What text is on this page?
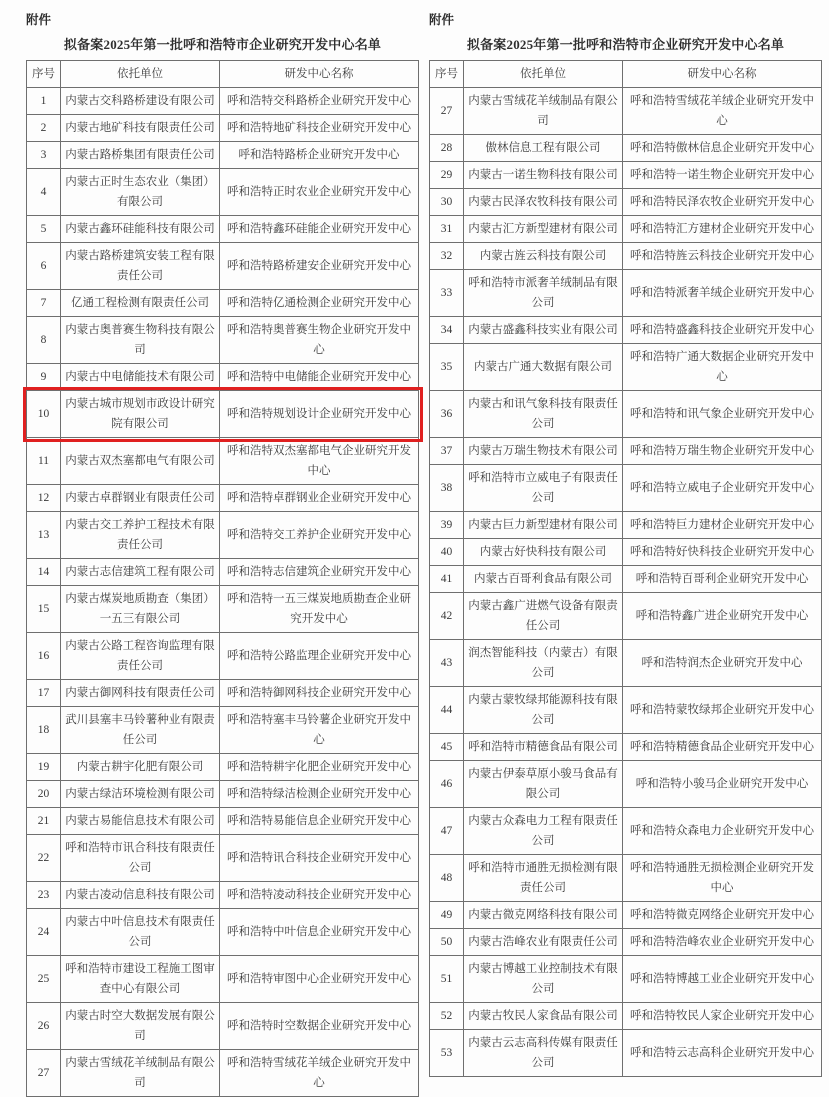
附件
拟备案2025年第一批呼和浩特市企业研究开发中心名单
序号	依托单位	研发中心名称
1	内蒙古交科路桥建设有限公司	呼和浩特交科路桥企业研究开发中心
2	内蒙古地矿科技有限责任公司	呼和浩特地矿科技企业研究开发中心
3	内蒙古路桥集团有限责任公司	呼和浩特路桥企业研究开发中心
4	内蒙古正时生态农业（集团）有限公司	呼和浩特正时农业企业研究开发中心
5	内蒙古鑫环硅能科技有限公司	呼和浩特鑫环硅能企业研究开发中心
6	内蒙古路桥建筑安装工程有限责任公司	呼和浩特路桥建安企业研究开发中心
7	亿通工程检测有限责任公司	呼和浩特亿通检测企业研究开发中心
8	内蒙古奥普赛生物科技有限公司	呼和浩特奥普赛生物企业研究开发中心
9	内蒙古中电储能技术有限公司	呼和浩特中电储能企业研究开发中心
10	内蒙古城市规划市政设计研究院有限公司	呼和浩特规划设计企业研究开发中心
11	内蒙古双杰塞都电气有限公司	呼和浩特双杰塞都电气企业研究开发中心
12	内蒙古卓群钢业有限责任公司	呼和浩特卓群钢业企业研究开发中心
13	内蒙古交工养护工程技术有限责任公司	呼和浩特交工养护企业研究开发中心
14	内蒙古志信建筑工程有限公司	呼和浩特志信建筑企业研究开发中心
15	内蒙古煤炭地质勘查（集团）一五三有限公司	呼和浩特一五三煤炭地质勘查企业研究开发中心
16	内蒙古公路工程咨询监理有限责任公司	呼和浩特公路监理企业研究开发中心
17	内蒙古御网科技有限责任公司	呼和浩特御网科技企业研究开发中心
18	武川县塞丰马铃薯种业有限责任公司	呼和浩特塞丰马铃薯企业研究开发中心
19	内蒙古耕宇化肥有限公司	呼和浩特耕宇化肥企业研究开发中心
20	内蒙古绿洁环境检测有限公司	呼和浩特绿洁检测企业研究开发中心
21	内蒙古易能信息技术有限公司	呼和浩特易能信息企业研究开发中心
22	呼和浩特市讯合科技有限责任公司	呼和浩特讯合科技企业研究开发中心
23	内蒙古凌动信息科技有限公司	呼和浩特凌动科技企业研究开发中心
24	内蒙古中叶信息技术有限责任公司	呼和浩特中叶信息企业研究开发中心
25	呼和浩特市建设工程施工图审查中心有限公司	呼和浩特审图中心企业研究开发中心
26	内蒙古时空大数据发展有限公司	呼和浩特时空数据企业研究开发中心
27	内蒙古雪绒花羊绒制品有限公司	呼和浩特雪绒花羊绒企业研究开发中心
附件
拟备案2025年第一批呼和浩特市企业研究开发中心名单
序号	依托单位	研发中心名称
27	内蒙古雪绒花羊绒制品有限公司	呼和浩特雪绒花羊绒企业研究开发中心
28	傲林信息工程有限公司	呼和浩特傲林信息企业研究开发中心
29	内蒙古一诺生物科技有限公司	呼和浩特一诺生物企业研究开发中心
30	内蒙古民泽农牧科技有限公司	呼和浩特民泽农牧企业研究开发中心
31	内蒙古汇方新型建材有限公司	呼和浩特汇方建材企业研究开发中心
32	内蒙古旌云科技有限公司	呼和浩特旌云科技企业研究开发中心
33	呼和浩特市派奢羊绒制品有限公司	呼和浩特派奢羊绒企业研究开发中心
34	内蒙古盛鑫科技实业有限公司	呼和浩特盛鑫科技企业研究开发中心
35	内蒙古广通大数据有限公司	呼和浩特广通大数据企业研究开发中心
36	内蒙古和讯气象科技有限责任公司	呼和浩特和讯气象企业研究开发中心
37	内蒙古万瑞生物技术有限公司	呼和浩特万瑞生物企业研究开发中心
38	呼和浩特市立威电子有限责任公司	呼和浩特立威电子企业研究开发中心
39	内蒙古巨力新型建材有限公司	呼和浩特巨力建材企业研究开发中心
40	内蒙古好快科技有限公司	呼和浩特好快科技企业研究开发中心
41	内蒙古百哥利食品有限公司	呼和浩特百哥利企业研究开发中心
42	内蒙古鑫广进燃气设备有限责任公司	呼和浩特鑫广进企业研究开发中心
43	润杰智能科技（内蒙古）有限公司	呼和浩特润杰企业研究开发中心
44	内蒙古蒙牧绿邦能源科技有限公司	呼和浩特蒙牧绿邦企业研究开发中心
45	呼和浩特市精德食品有限公司	呼和浩特精德食品企业研究开发中心
46	内蒙古伊泰草原小骏马食品有限公司	呼和浩特小骏马企业研究开发中心
47	内蒙古众森电力工程有限责任公司	呼和浩特众森电力企业研究开发中心
48	呼和浩特市通胜无损检测有限责任公司	呼和浩特通胜无损检测企业研究开发中心
49	内蒙古微克网络科技有限公司	呼和浩特微克网络企业研究开发中心
50	内蒙古浩峰农业有限责任公司	呼和浩特浩峰农业企业研究开发中心
51	内蒙古博越工业控制技术有限公司	呼和浩特博越工业企业研究开发中心
52	内蒙古牧民人家食品有限公司	呼和浩特牧民人家企业研究开发中心
53	内蒙古云志高科传媒有限责任公司	呼和浩特云志高科企业研究开发中心
